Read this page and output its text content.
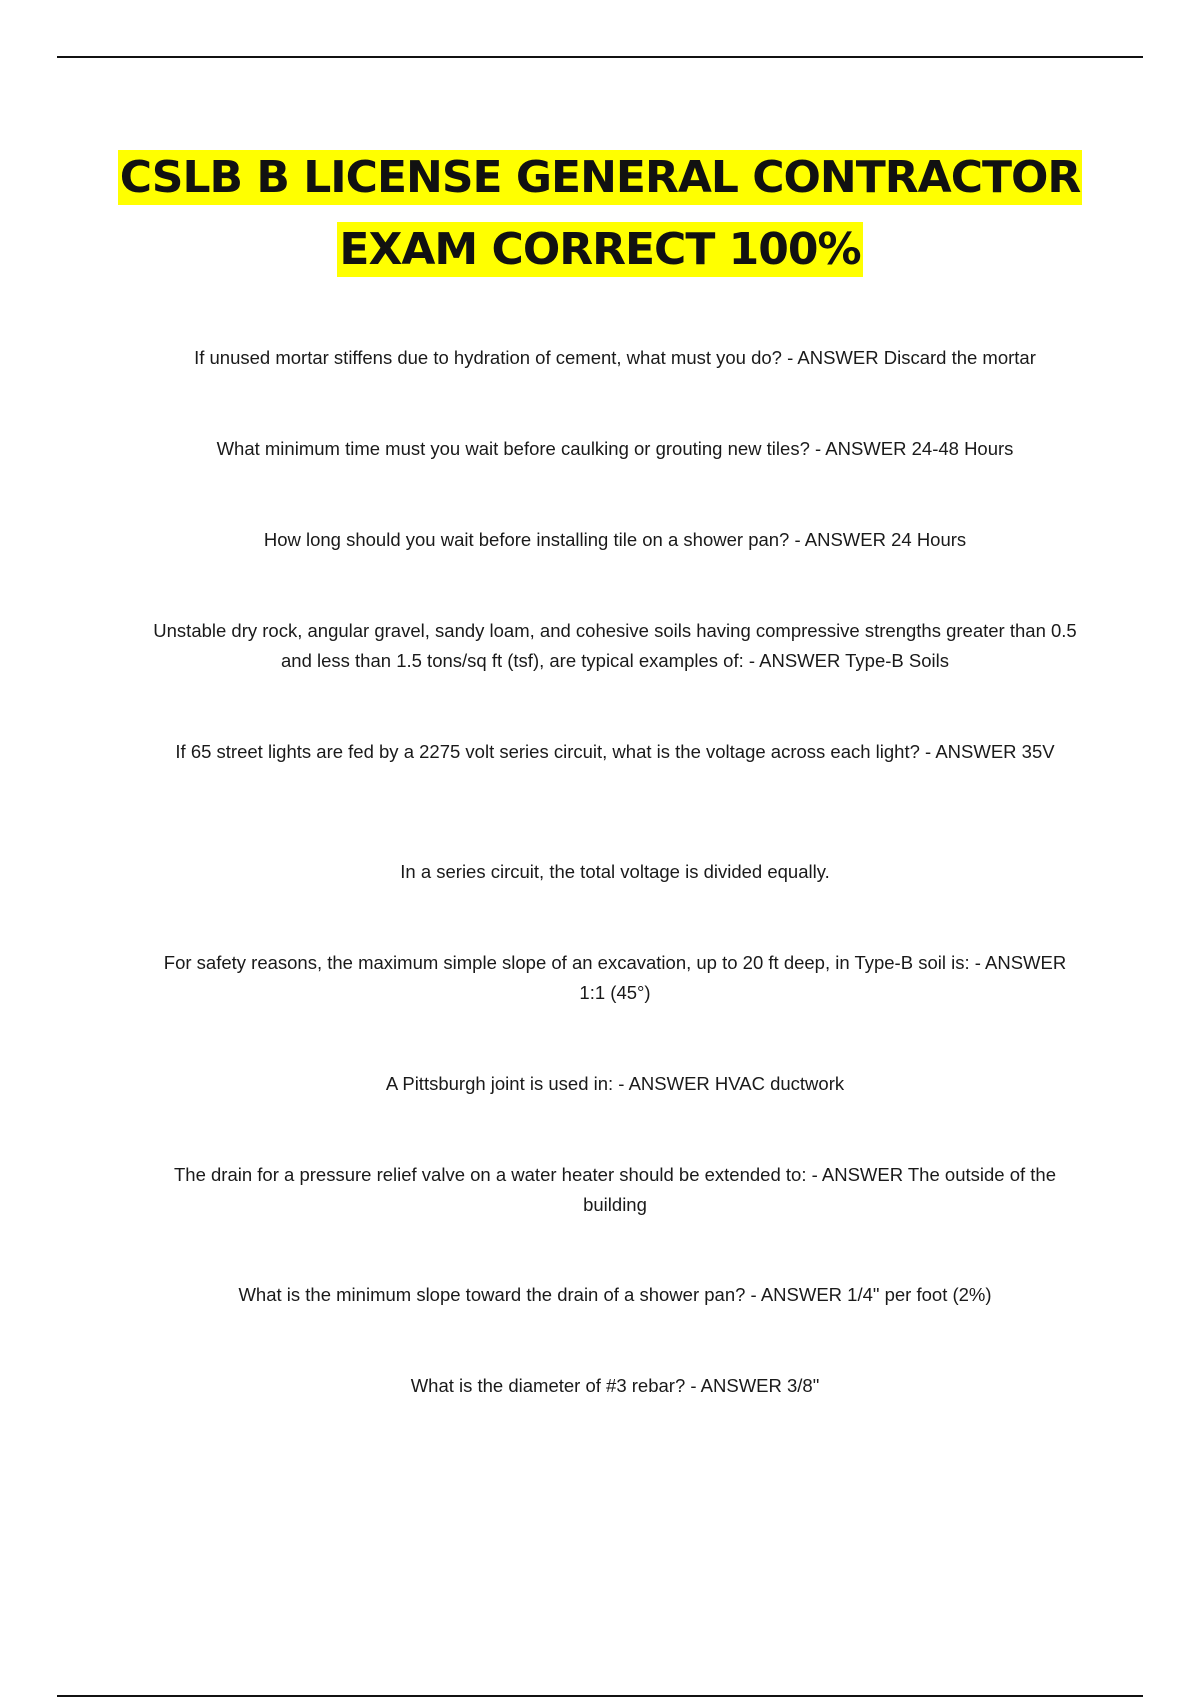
CSLB B LICENSE GENERAL CONTRACTOR
EXAM CORRECT 100%

If unused mortar stiffens due to hydration of cement, what must you do? - ANSWER Discard the mortar

What minimum time must you wait before caulking or grouting new tiles? - ANSWER 24-48 Hours

How long should you wait before installing tile on a shower pan? - ANSWER 24 Hours

Unstable dry rock, angular gravel, sandy loam, and cohesive soils having compressive strengths greater than 0.5 and less than 1.5 tons/sq ft (tsf), are typical examples of: - ANSWER Type-B Soils

If 65 street lights are fed by a 2275 volt series circuit, what is the voltage across each light? - ANSWER 35V

In a series circuit, the total voltage is divided equally.

For safety reasons, the maximum simple slope of an excavation, up to 20 ft deep, in Type-B soil is: - ANSWER 1:1 (45°)

A Pittsburgh joint is used in: - ANSWER HVAC ductwork

The drain for a pressure relief valve on a water heater should be extended to: - ANSWER The outside of the building

What is the minimum slope toward the drain of a shower pan? - ANSWER 1/4" per foot (2%)

What is the diameter of #3 rebar? - ANSWER 3/8"
